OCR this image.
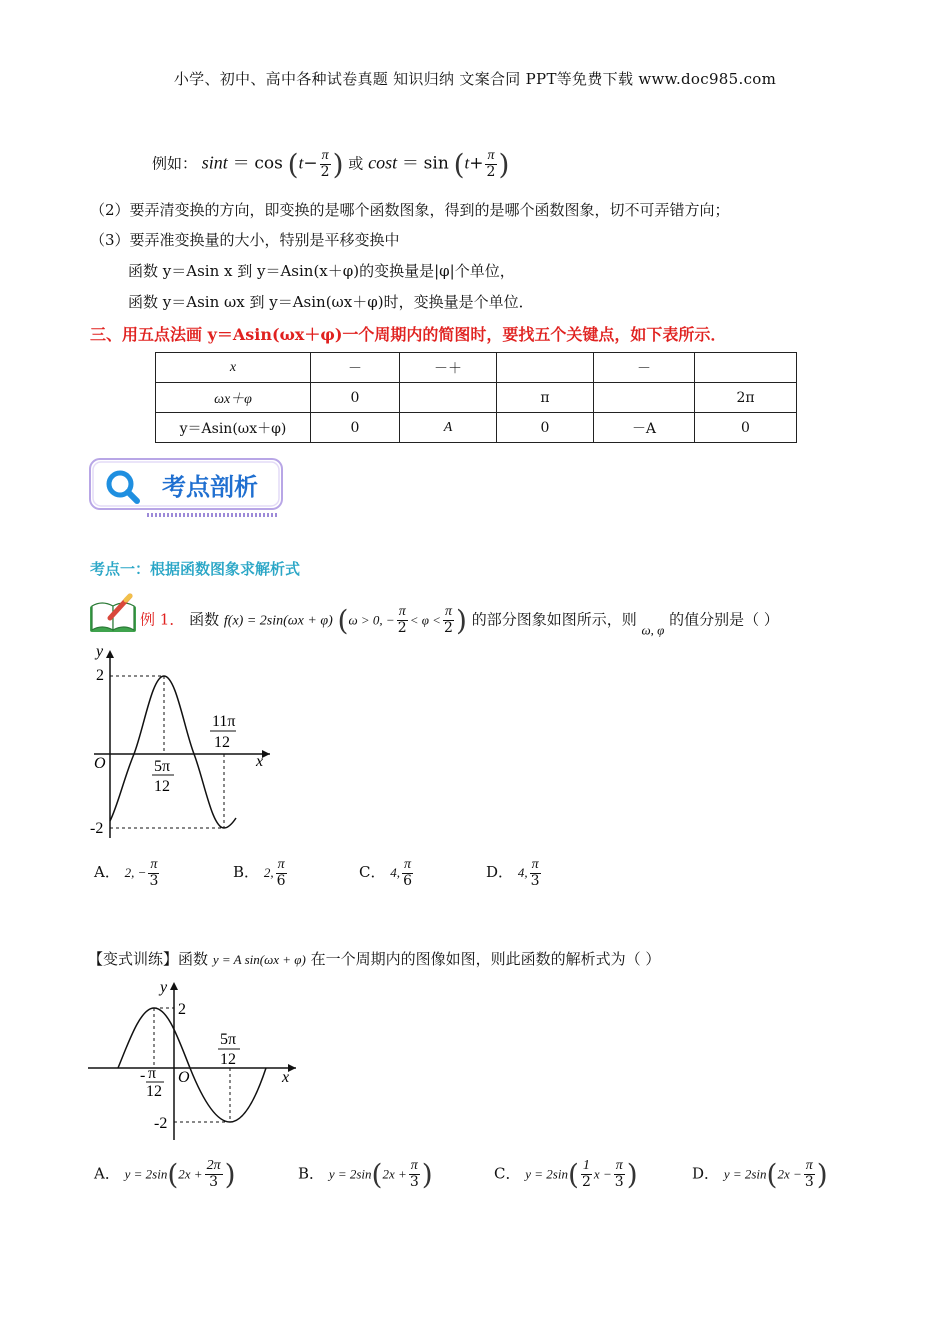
小学、初中、高中各种试卷真题 知识归纳 文案合同 PPT等免费下载 www.doc985.com
例如： $\sin t = \cos (t- \frac{\pi}{2}$ ) 或 $\cos t = \sin (t+ \frac{\pi}{2}$ )
（2）要弄清变换的方向，即变换的是哪个函数图象，得到的是哪个函数图象，切不可弄错方向；
（3）要弄准变换量的大小，特别是平移变换中
函数 y＝Asin x 到 y＝Asin(x＋φ)的变换量是|φ|个单位，
函数 y＝Asin ωx 到 y＝Asin(ωx＋φ)时，变换量是个单位．
三、用五点法画 y＝Asin(ωx＋φ)一个周期内的简图时，要找五个关键点，如下表所示．
x	－	－＋		－	
ωx＋φ	0		π		2π
y＝Asin(ωx＋φ)	0	A	0	－A	0
考点剖析
考点一：根据函数图象求解析式
例 1． 函数 f(x) = 2sin(ωx + φ) (ω > 0, − $\frac{\pi}{2} < \varphi < \frac{\pi}{2}$ ) 的部分图象如图所示，则 ω, φ 的值分别是（ ）
y
x
O
2
-2
5π
12
11π
12
A． 2, − $\frac{\pi}{3}$	B． 2, $\frac{\pi}{6}$	C． 4, $\frac{\pi}{6}$	D． 4, $\frac{\pi}{3}$
【变式训练】函数 y = A sin(ωx + φ) 在一个周期内的图像如图，则此函数的解析式为（ ）
y
x
O
2
-2
- π
12
5π
12
A． $y = 2\sin(2x + \frac{2\pi}{3}$ )	B． $y = 2\sin(2x + \frac{\pi}{3}$ )	C． $y = 2\sin( \frac{1}{2}$ $x - \frac{\pi}{3}$ )	D． $y = 2\sin(2x - \frac{\pi}{3}$ )
